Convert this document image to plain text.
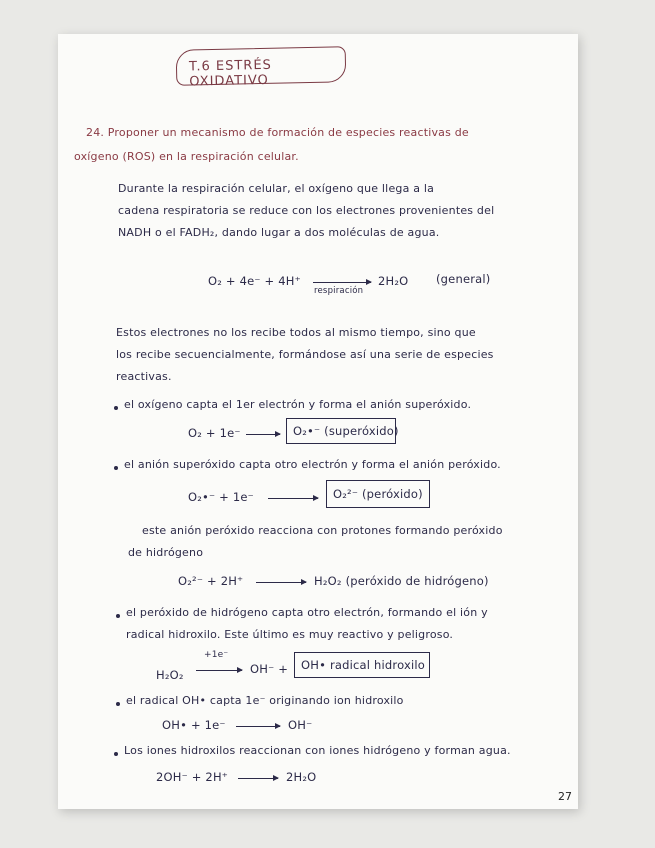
T.6 ESTRÉS OXIDATIVO
24. Proponer un mecanismo de formación de especies reactivas de
oxígeno (ROS) en la respiración celular.
Durante la respiración celular, el oxígeno que llega a la
cadena respiratoria se reduce con los electrones provenientes del
NADH o el FADH₂, dando lugar a dos moléculas de agua.
O₂ + 4e⁻ + 4H⁺
respiración
2H₂O (general)
Estos electrones no los recibe todos al mismo tiempo, sino que
los recibe secuencialmente, formándose así una serie de especies
reactivas.
el oxígeno capta el 1er electrón y forma el anión superóxido.
O₂ + 1e⁻	O₂•⁻ (superóxido)
el anión superóxido capta otro electrón y forma el anión peróxido.
O₂•⁻ + 1e⁻	O₂²⁻ (peróxido)
este anión peróxido reacciona con protones formando peróxido
de hidrógeno
O₂²⁻ + 2H⁺	H₂O₂ (peróxido de hidrógeno)
el peróxido de hidrógeno capta otro electrón, formando el ión y
radical hidroxilo. Este último es muy reactivo y peligroso.
H₂O₂
+1e⁻
OH⁻ + OH• radical hidroxilo
el radical OH• capta 1e⁻ originando ion hidroxilo
OH• + 1e⁻	OH⁻
Los iones hidroxilos reaccionan con iones hidrógeno y forman agua.
2OH⁻ + 2H⁺	2H₂O
27
